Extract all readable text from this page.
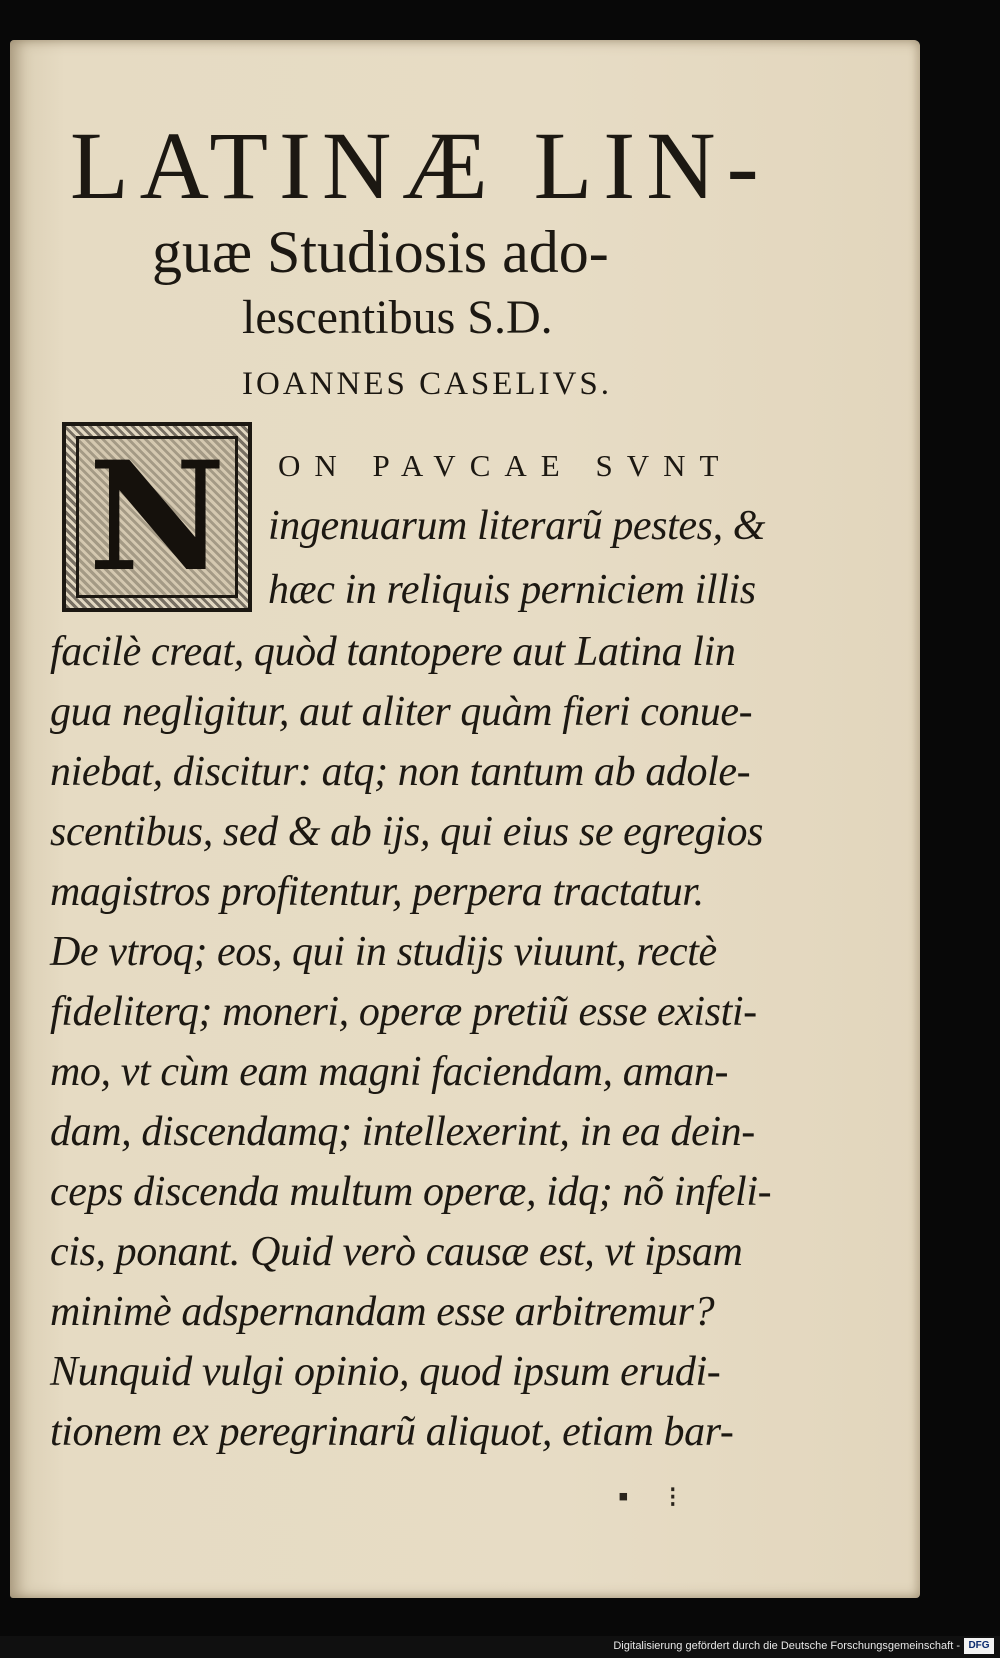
LATINÆ LIN-
guæ Studiosis ado-
lescentibus S.D.
IOANNES CASELIVS.
N ON PAVCAE SVNT
ingenuarum literarũ pestes, &
hæc in reliquis perniciem illis
facilè creat, quòd tantopere aut Latina lin
gua negligitur, aut aliter quàm fieri conue-
niebat, discitur: atq; non tantum ab adole-
scentibus, sed & ab ijs, qui eius se egregios
magistros profitentur, perpera tractatur.
De vtroq; eos, qui in studijs viuunt, rectè
fideliterq; moneri, operæ pretiũ esse existi-
mo, vt cùm eam magni faciendam, aman-
dam, discendamq; intellexerint, in ea dein-
ceps discenda multum operæ, idq; nõ infeli-
cis, ponant. Quid verò causæ est, vt ipsam
minimè adspernandam esse arbitremur?
Nunquid vulgi opinio, quod ipsum erudi-
tionem ex peregrinarũ aliquot, etiam bar-
▪ ⁝
Digitalisierung gefördert durch die Deutsche Forschungsgemeinschaft - DFG
